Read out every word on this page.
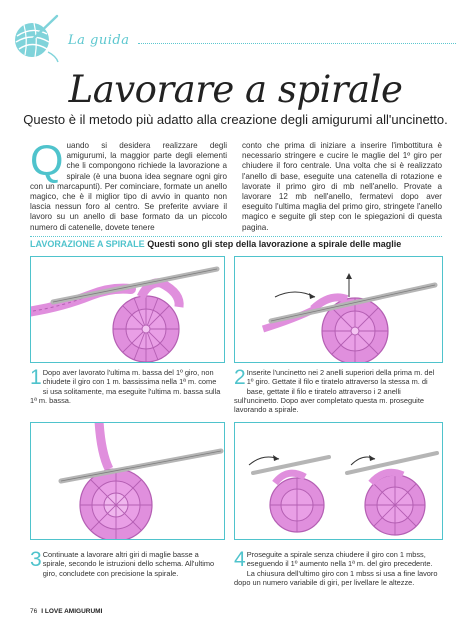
La guida
Lavorare a spirale
Questo è il metodo più adatto alla creazione degli amigurumi all'uncinetto.
Quando si desidera realizzare degli amigurumi, la maggior parte degli elementi che li compongono richiede la lavorazione a spirale (è una buona idea segnare ogni giro con un marcapunti). Per cominciare, formate un anello magico, che è il miglior tipo di avvio in quanto non lascia nessun foro al centro. Se preferite avviare il lavoro su un anello di base formato da un piccolo numero di catenelle, dovete tenere
conto che prima di iniziare a inserire l'imbottitura è necessario stringere e cucire le maglie del 1º giro per chiudere il foro centrale. Una volta che si è realizzato l'anello di base, eseguite una catenella di rotazione e lavorate il primo giro di mb nell'anello. Provate a lavorare 12 mb nell'anello, fermatevi dopo aver eseguito l'ultima maglia del primo giro, stringete l'anello magico e seguite gli step con le spiegazioni di questa pagina.
LAVORAZIONE A SPIRALE Questi sono gli step della lavorazione a spirale delle maglie
1 Dopo aver lavorato l'ultima m. bassa del 1º giro, non chiudete il giro con 1 m. bassissima nella 1ª m. come si usa solitamente, ma eseguite l'ultima m. bassa sulla 1ª m. bassa.
2 Inserite l'uncinetto nei 2 anelli superiori della prima m. del 1º giro. Gettate il filo e tiratelo attraverso la stessa m. di base, gettate il filo e tiratelo attraverso i 2 anelli sull'uncinetto. Dopo aver completato questa m. proseguite lavorando a spirale.
3 Continuate a lavorare altri giri di maglie basse a spirale, secondo le istruzioni dello schema. All'ultimo giro, concludete con precisione la spirale.
4 Proseguite a spirale senza chiudere il giro con 1 mbss, eseguendo il 1º aumento nella 1ª m. del giro precedente. La chiusura dell'ultimo giro con 1 mbss si usa a fine lavoro dopo un numero variabile di giri, per livellare le altezze.
76 I LOVE AMIGURUMI
